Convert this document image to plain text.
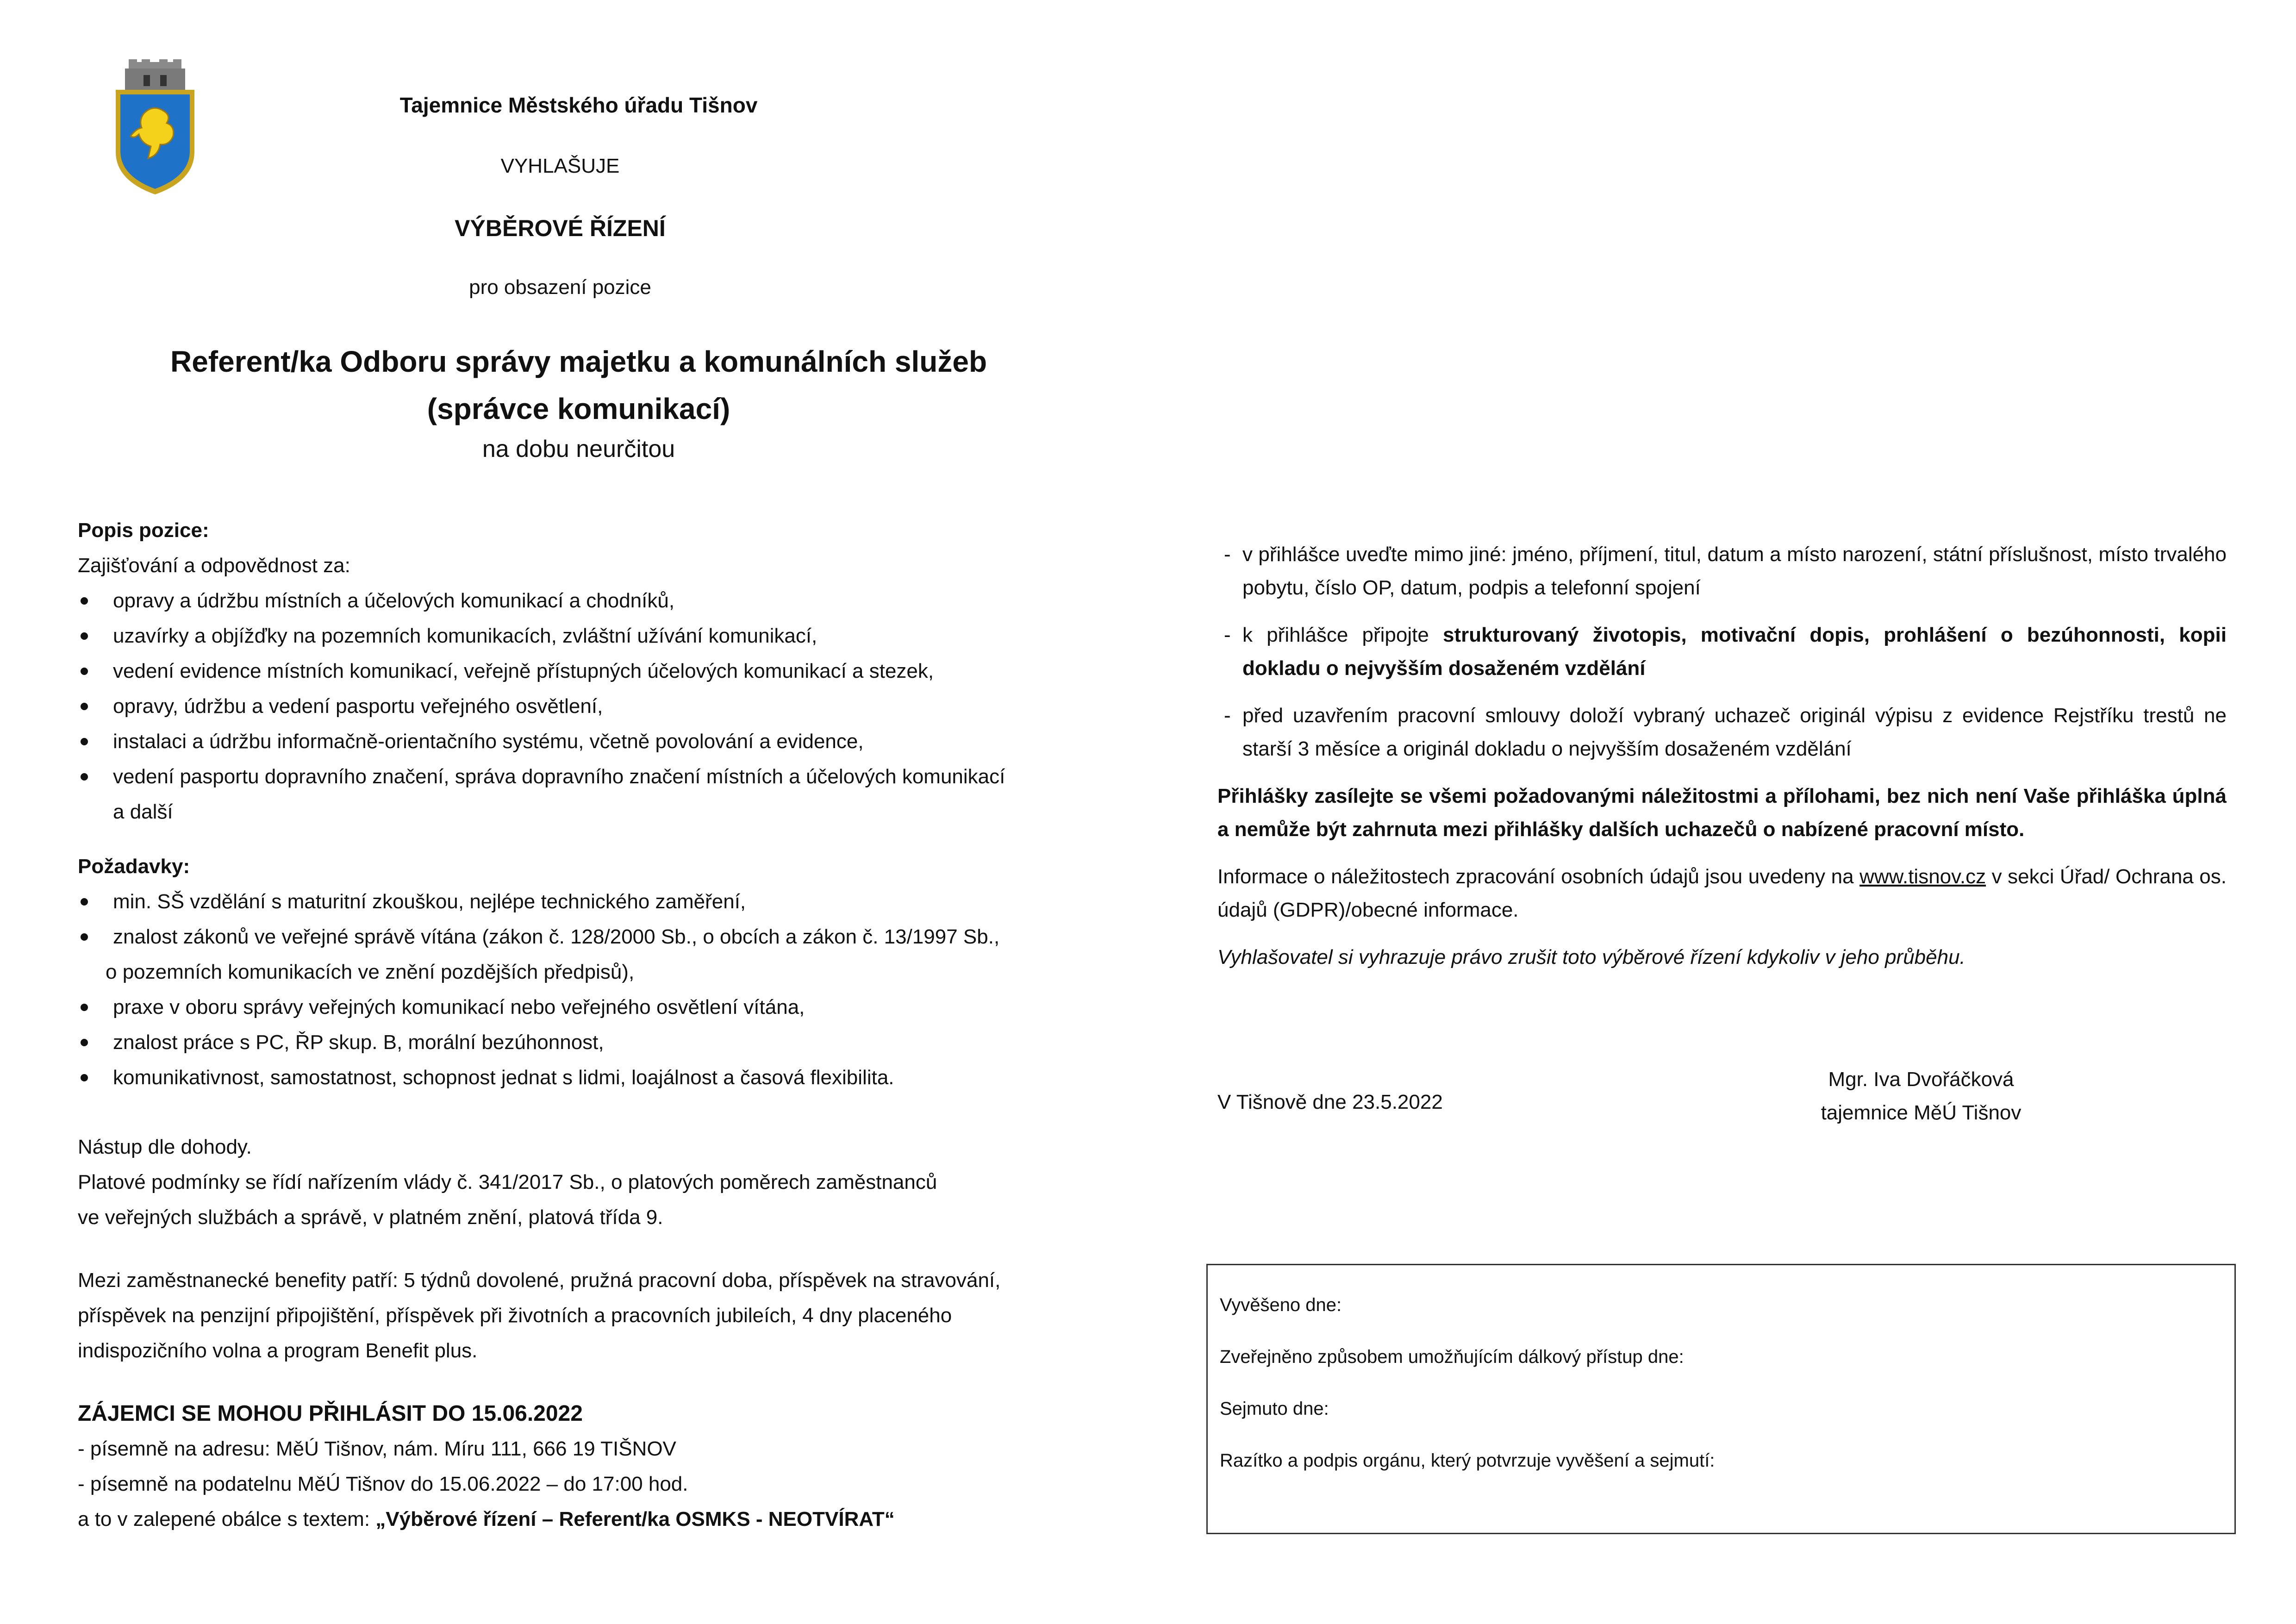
Tajemnice Městského úřadu Tišnov
VYHLAŠUJE
VÝBĚROVÉ ŘÍZENÍ
pro obsazení pozice
Referent/ka Odboru správy majetku a komunálních služeb
(správce komunikací)
na dobu neurčitou

Popis pozice:

Zajišťování a odpovědnost za:

opravy a údržbu místních a účelových komunikací a chodníků,
uzavírky a objížďky na pozemních komunikacích, zvláštní užívání komunikací,
vedení evidence místních komunikací, veřejně přístupných účelových komunikací a stezek,
opravy, údržbu a vedení pasportu veřejného osvětlení,
instalaci a údržbu informačně-orientačního systému, včetně povolování a evidence,
vedení pasportu dopravního značení, správa dopravního značení místních a účelových komunikací
a další

Požadavky:

min. SŠ vzdělání s maturitní zkouškou, nejlépe technického zaměření,
znalost zákonů ve veřejné správě vítána (zákon č. 128/2000 Sb., o obcích a zákon č. 13/1997 Sb.,

o pozemních komunikacích ve znění pozdějších předpisů),

praxe v oboru správy veřejných komunikací nebo veřejného osvětlení vítána,
znalost práce s PC, ŘP skup. B, morální bezúhonnost,
komunikativnost, samostatnost, schopnost jednat s lidmi, loajálnost a časová flexibilita.

Nástup dle dohody.

Platové podmínky se řídí nařízením vlády č. 341/2017 Sb., o platových poměrech zaměstnanců

ve veřejných službách a správě, v platném znění, platová třída 9.

Mezi zaměstnanecké benefity patří: 5 týdnů dovolené, pružná pracovní doba, příspěvek na stravování,

příspěvek na penzijní připojištění, příspěvek při životních a pracovních jubileích, 4 dny placeného

indispozičního volna a program Benefit plus.

ZÁJEMCI SE MOHOU PŘIHLÁSIT DO 15.06.2022

- písemně na adresu: MěÚ Tišnov, nám. Míru 111, 666 19 TIŠNOV

- písemně na podatelnu MěÚ Tišnov do 15.06.2022 – do 17:00 hod.

a to v zalepené obálce s textem: „Výběrové řízení – Referent/ka OSMKS - NEOTVÍRAT“

- v přihlášce uveďte mimo jiné: jméno, příjmení, titul, datum a místo narození, státní příslušnost, místo trvalého pobytu, číslo OP, datum, podpis a telefonní spojení
- k přihlášce připojte strukturovaný životopis, motivační dopis, prohlášení o bezúhonnosti, kopii dokladu o nejvyšším dosaženém vzdělání
- před uzavřením pracovní smlouvy doloží vybraný uchazeč originál výpisu z evidence Rejstříku trestů ne starší 3 měsíce a originál dokladu o nejvyšším dosaženém vzdělání

Přihlášky zasílejte se všemi požadovanými náležitostmi a přílohami, bez nich není Vaše přihláška úplná a nemůže být zahrnuta mezi přihlášky dalších uchazečů o nabízené pracovní místo.

Informace o náležitostech zpracování osobních údajů jsou uvedeny na www.tisnov.cz v sekci Úřad/ Ochrana os. údajů (GDPR)/obecné informace.

Vyhlašovatel si vyhrazuje právo zrušit toto výběrové řízení kdykoliv v jeho průběhu.

V Tišnově dne 23.5.2022
Mgr. Iva Dvořáčková
tajemnice MěÚ Tišnov
Vyvěšeno dne:
Zveřejněno způsobem umožňujícím dálkový přístup dne:
Sejmuto dne:
Razítko a podpis orgánu, který potvrzuje vyvěšení a sejmutí:
